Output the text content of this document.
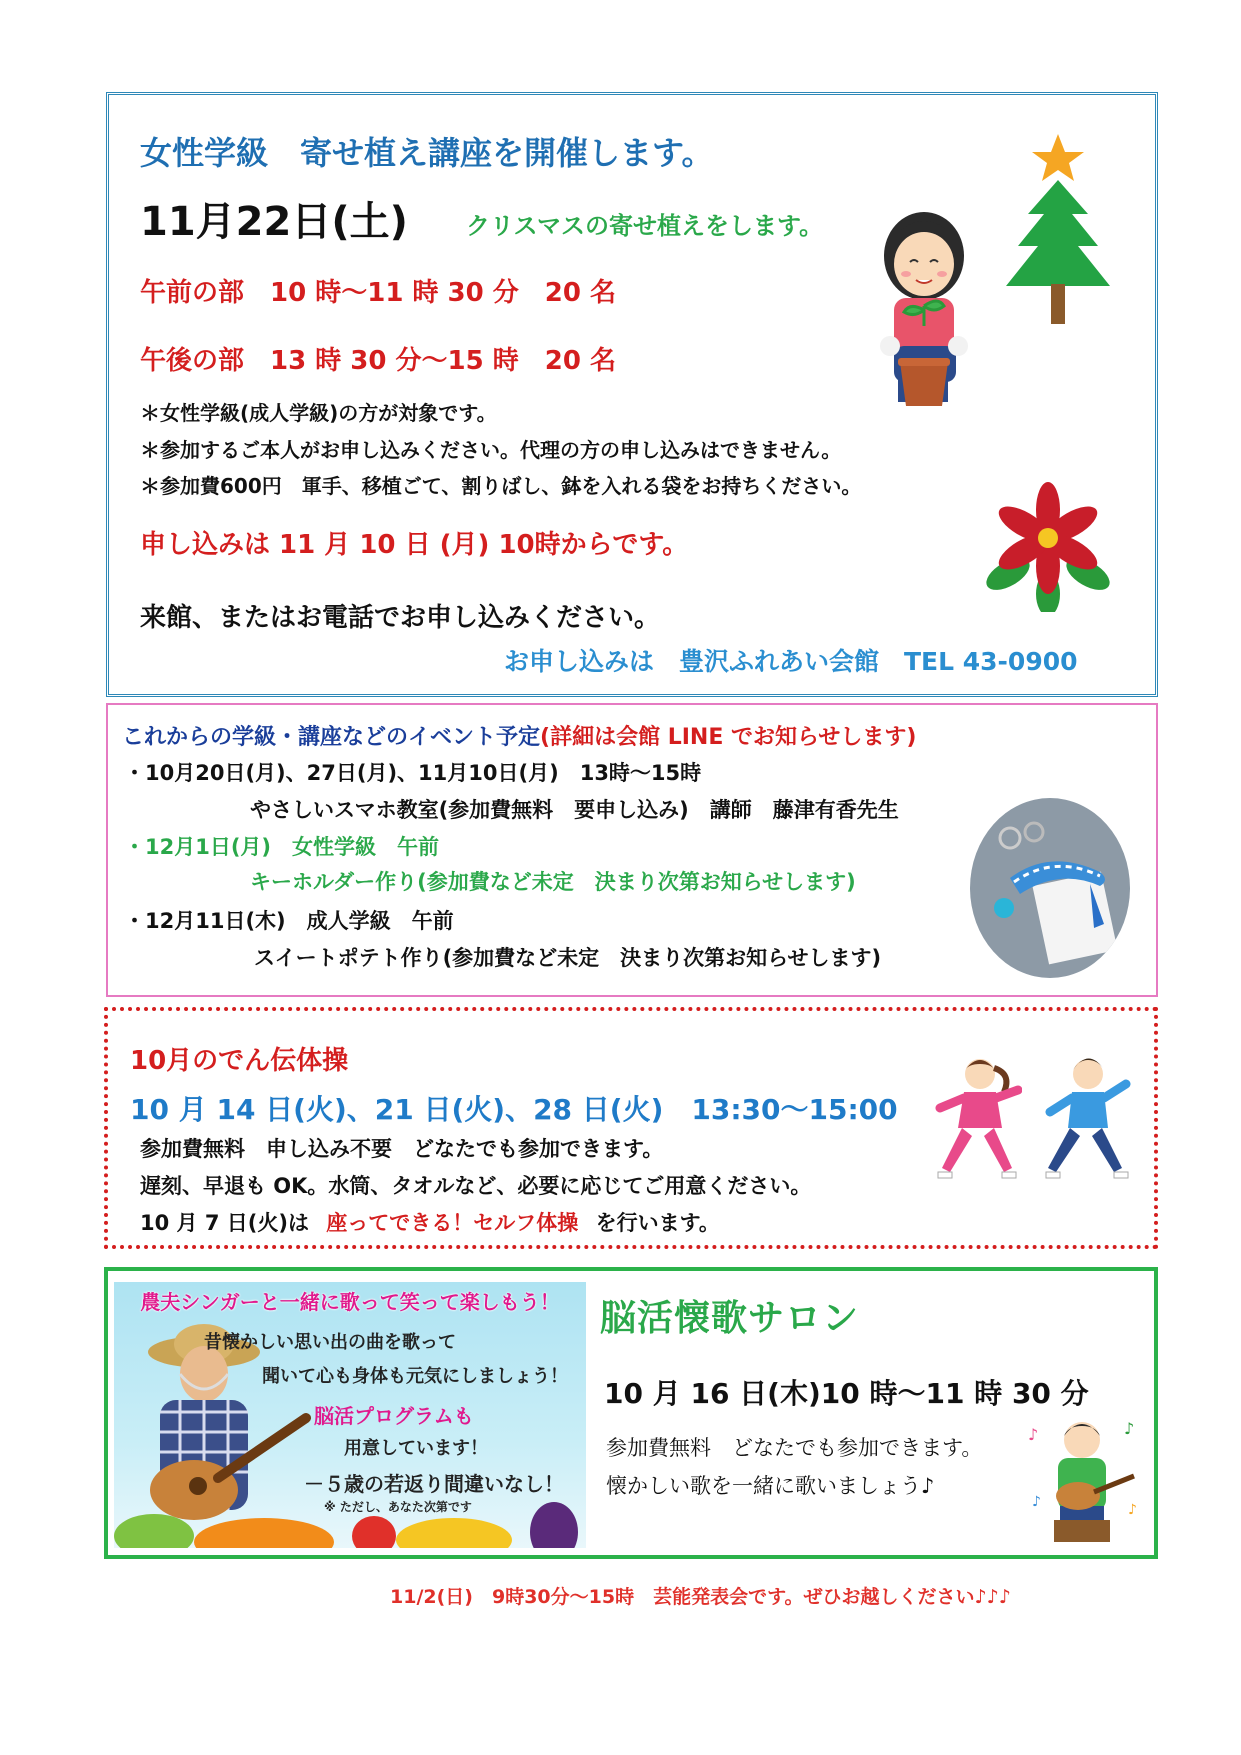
女性学級　寄せ植え講座を開催します。
11月22日(土) クリスマスの寄せ植えをします。
午前の部　10 時～11 時 30 分　20 名
午後の部　13 時 30 分～15 時　20 名
＊女性学級(成人学級)の方が対象です。
＊参加するご本人がお申し込みください。代理の方の申し込みはできません。
＊参加費600円　軍手、移植ごて、割りばし、鉢を入れる袋をお持ちください。
申し込みは 11 月 10 日 (月) 10時からです。
来館、またはお電話でお申し込みください。
お申し込みは　豊沢ふれあい会館　TEL 43-0900
これからの学級・講座などのイベント予定(詳細は会館 LINE でお知らせします)
・10月20日(月)、27日(月)、11月10日(月)　13時～15時
やさしいスマホ教室(参加費無料　要申し込み)　講師　藤津有香先生
・12月1日(月)　女性学級　午前
キーホルダー作り(参加費など未定　決まり次第お知らせします)
・12月11日(木)　成人学級　午前
スイートポテト作り(参加費など未定　決まり次第お知らせします)
10月のでん伝体操
10 月 14 日(火)、21 日(火)、28 日(火)　13:30～15:00
参加費無料　申し込み不要　どなたでも参加できます。
遅刻、早退も OK。水筒、タオルなど、必要に応じてご用意ください。
10 月 7 日(火)は 座ってできる！セルフ体操 を行います。
農夫シンガーと一緒に歌って笑って楽しもう！
昔懐かしい思い出の曲を歌って
聞いて心も身体も元気にしましょう！
脳活プログラムも
用意しています！
－５歳の若返り間違いなし！
※ ただし、あなた次第です
脳活懐歌サロン
10 月 16 日(木)10 時～11 時 30 分
参加費無料　どなたでも参加できます。
懐かしい歌を一緒に歌いましょう♪
♪	♪
♪	♪
11/2(日)　9時30分～15時　芸能発表会です。ぜひお越しください♪♪♪
